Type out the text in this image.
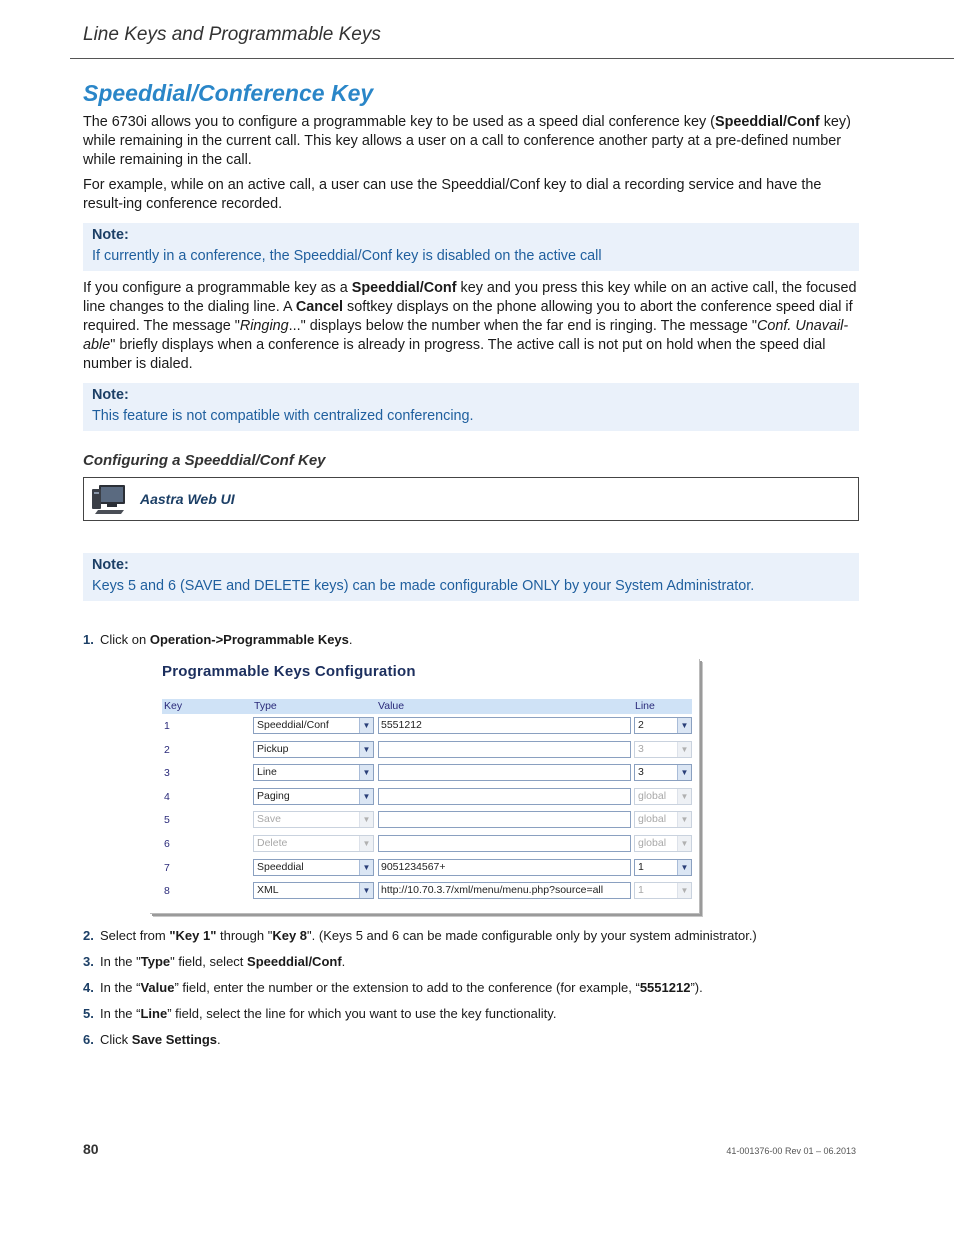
Line Keys and Programmable Keys
Speeddial/Conference Key

The 6730i allows you to configure a programmable key to be used as a speed dial conference key (Speeddial/Conf key) while remaining in the current call. This key allows a user on a call to conference another party at a pre-defined number while remaining in the call.

For example, while on an active call, a user can use the Speeddial/Conf key to dial a recording service and have the result-ing conference recorded.

Note:
If currently in a conference, the Speeddial/Conf key is disabled on the active call

If you configure a programmable key as a Speeddial/Conf key and you press this key while on an active call, the focused line changes to the dialing line. A Cancel softkey displays on the phone allowing you to abort the conference speed dial if required. The message "Ringing..." displays below the number when the far end is ringing. The message "Conf. Unavail-able" briefly displays when a conference is already in progress. The active call is not put on hold when the speed dial number is dialed.

Note:
This feature is not compatible with centralized conferencing.
Configuring a Speeddial/Conf Key
Aastra Web UI
Note:
Keys 5 and 6 (SAVE and DELETE keys) can be made configurable ONLY by your System Administrator.
1. Click on Operation->Programmable Keys.
Programmable Keys Configuration
Key	Type	Value	Line
1	Speeddial/Conf	▼ 5551212	2	▼
2	Pickup	▼	3	▼
3	Line	▼	3	▼
4	Paging	▼	global	▼
5	Save	▼	global	▼
6	Delete	▼	global	▼
7	Speeddial	▼ 9051234567+	1	▼
8	XML	▼ http://10.70.3.7/xml/menu/menu.php?source=all	1	▼
2. Select from "Key 1" through "Key 8". (Keys 5 and 6 can be made configurable only by your system administrator.)
3. In the "Type" field, select Speeddial/Conf.
4. In the “Value” field, enter the number or the extension to add to the conference (for example, “5551212”).
5. In the “Line” field, select the line for which you want to use the key functionality.
6. Click Save Settings.
80	41-001376-00 Rev 01 – 06.2013
